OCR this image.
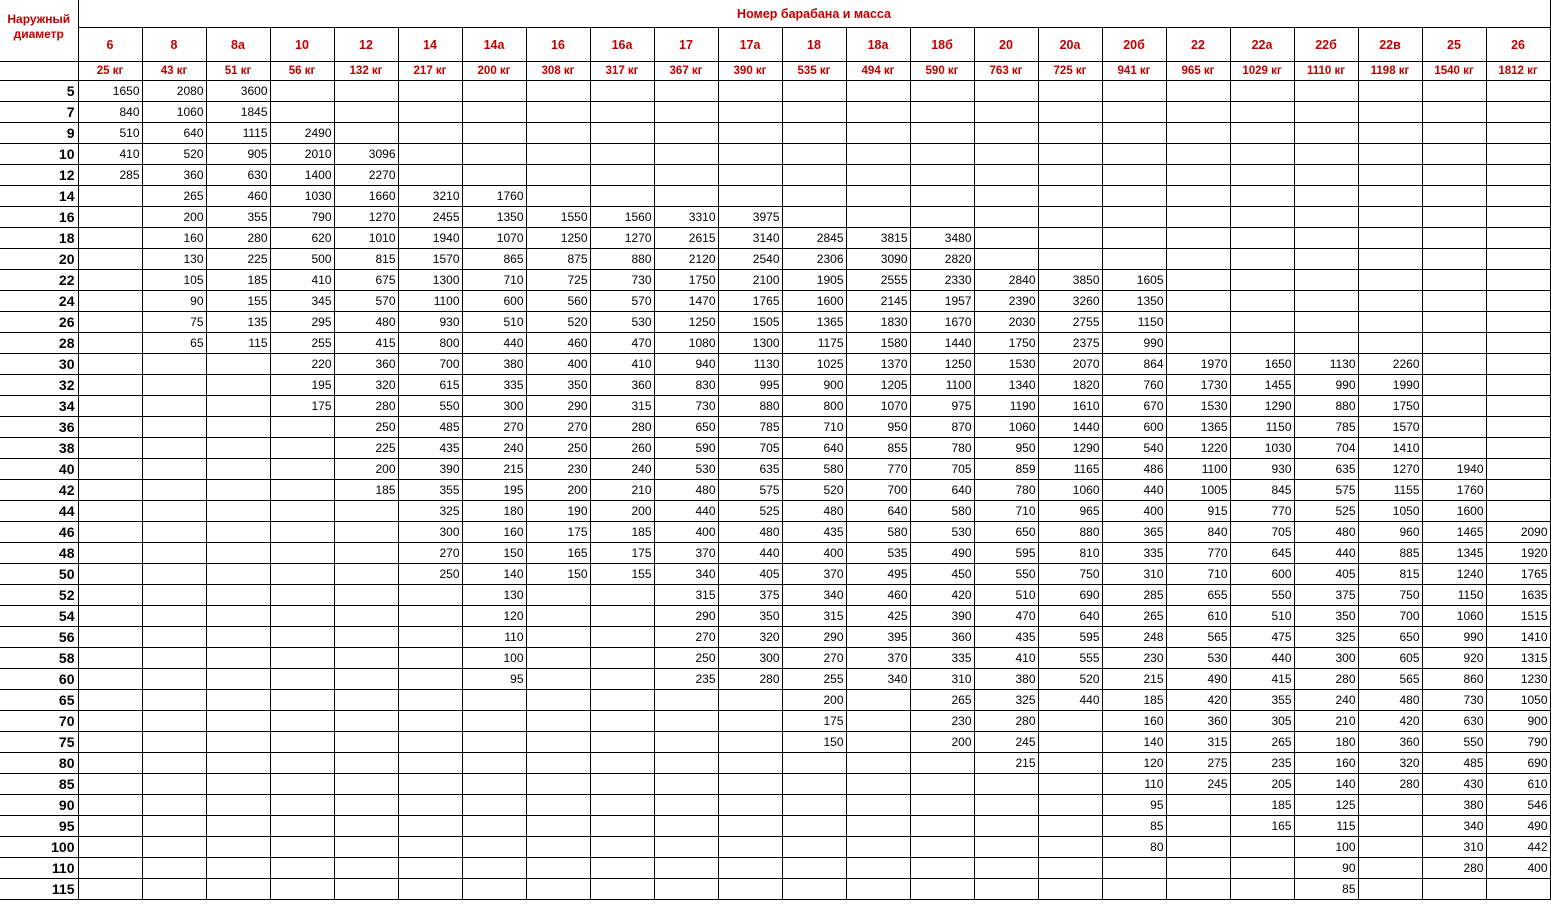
Наружный диаметр	Номер барабана и масса																						
	6	8	8а	10	12	14	14а	16	16а	17	17а	18	18а	18б	20	20а	20б	22	22а	22б	22в	25	26
	25 кг	43 кг	51 кг	56 кг	132 кг	217 кг	200 кг	308 кг	317 кг	367 кг	390 кг	535 кг	494 кг	590 кг	763 кг	725 кг	941 кг	965 кг	1029 кг	1110 кг	1198 кг	1540 кг	1812 кг
5	1650	2080	3600																				
7	840	1060	1845																				
9	510	640	1115	2490																			
10	410	520	905	2010	3096																		
12	285	360	630	1400	2270																		
14		265	460	1030	1660	3210	1760																
16		200	355	790	1270	2455	1350	1550	1560	3310	3975												
18		160	280	620	1010	1940	1070	1250	1270	2615	3140	2845	3815	3480									
20		130	225	500	815	1570	865	875	880	2120	2540	2306	3090	2820									
22		105	185	410	675	1300	710	725	730	1750	2100	1905	2555	2330	2840	3850	1605						
24		90	155	345	570	1100	600	560	570	1470	1765	1600	2145	1957	2390	3260	1350						
26		75	135	295	480	930	510	520	530	1250	1505	1365	1830	1670	2030	2755	1150						
28		65	115	255	415	800	440	460	470	1080	1300	1175	1580	1440	1750	2375	990						
30				220	360	700	380	400	410	940	1130	1025	1370	1250	1530	2070	864	1970	1650	1130	2260		
32				195	320	615	335	350	360	830	995	900	1205	1100	1340	1820	760	1730	1455	990	1990		
34				175	280	550	300	290	315	730	880	800	1070	975	1190	1610	670	1530	1290	880	1750		
36					250	485	270	270	280	650	785	710	950	870	1060	1440	600	1365	1150	785	1570		
38					225	435	240	250	260	590	705	640	855	780	950	1290	540	1220	1030	704	1410		
40					200	390	215	230	240	530	635	580	770	705	859	1165	486	1100	930	635	1270	1940	
42					185	355	195	200	210	480	575	520	700	640	780	1060	440	1005	845	575	1155	1760	
44						325	180	190	200	440	525	480	640	580	710	965	400	915	770	525	1050	1600	
46						300	160	175	185	400	480	435	580	530	650	880	365	840	705	480	960	1465	2090
48						270	150	165	175	370	440	400	535	490	595	810	335	770	645	440	885	1345	1920
50						250	140	150	155	340	405	370	495	450	550	750	310	710	600	405	815	1240	1765
52							130			315	375	340	460	420	510	690	285	655	550	375	750	1150	1635
54							120			290	350	315	425	390	470	640	265	610	510	350	700	1060	1515
56							110			270	320	290	395	360	435	595	248	565	475	325	650	990	1410
58							100			250	300	270	370	335	410	555	230	530	440	300	605	920	1315
60							95			235	280	255	340	310	380	520	215	490	415	280	565	860	1230
65												200		265	325	440	185	420	355	240	480	730	1050
70												175		230	280		160	360	305	210	420	630	900
75												150		200	245		140	315	265	180	360	550	790
80															215		120	275	235	160	320	485	690
85																	110	245	205	140	280	430	610
90																	95		185	125		380	546
95																	85		165	115		340	490
100																	80			100		310	442
110																				90		280	400
115																				85			
